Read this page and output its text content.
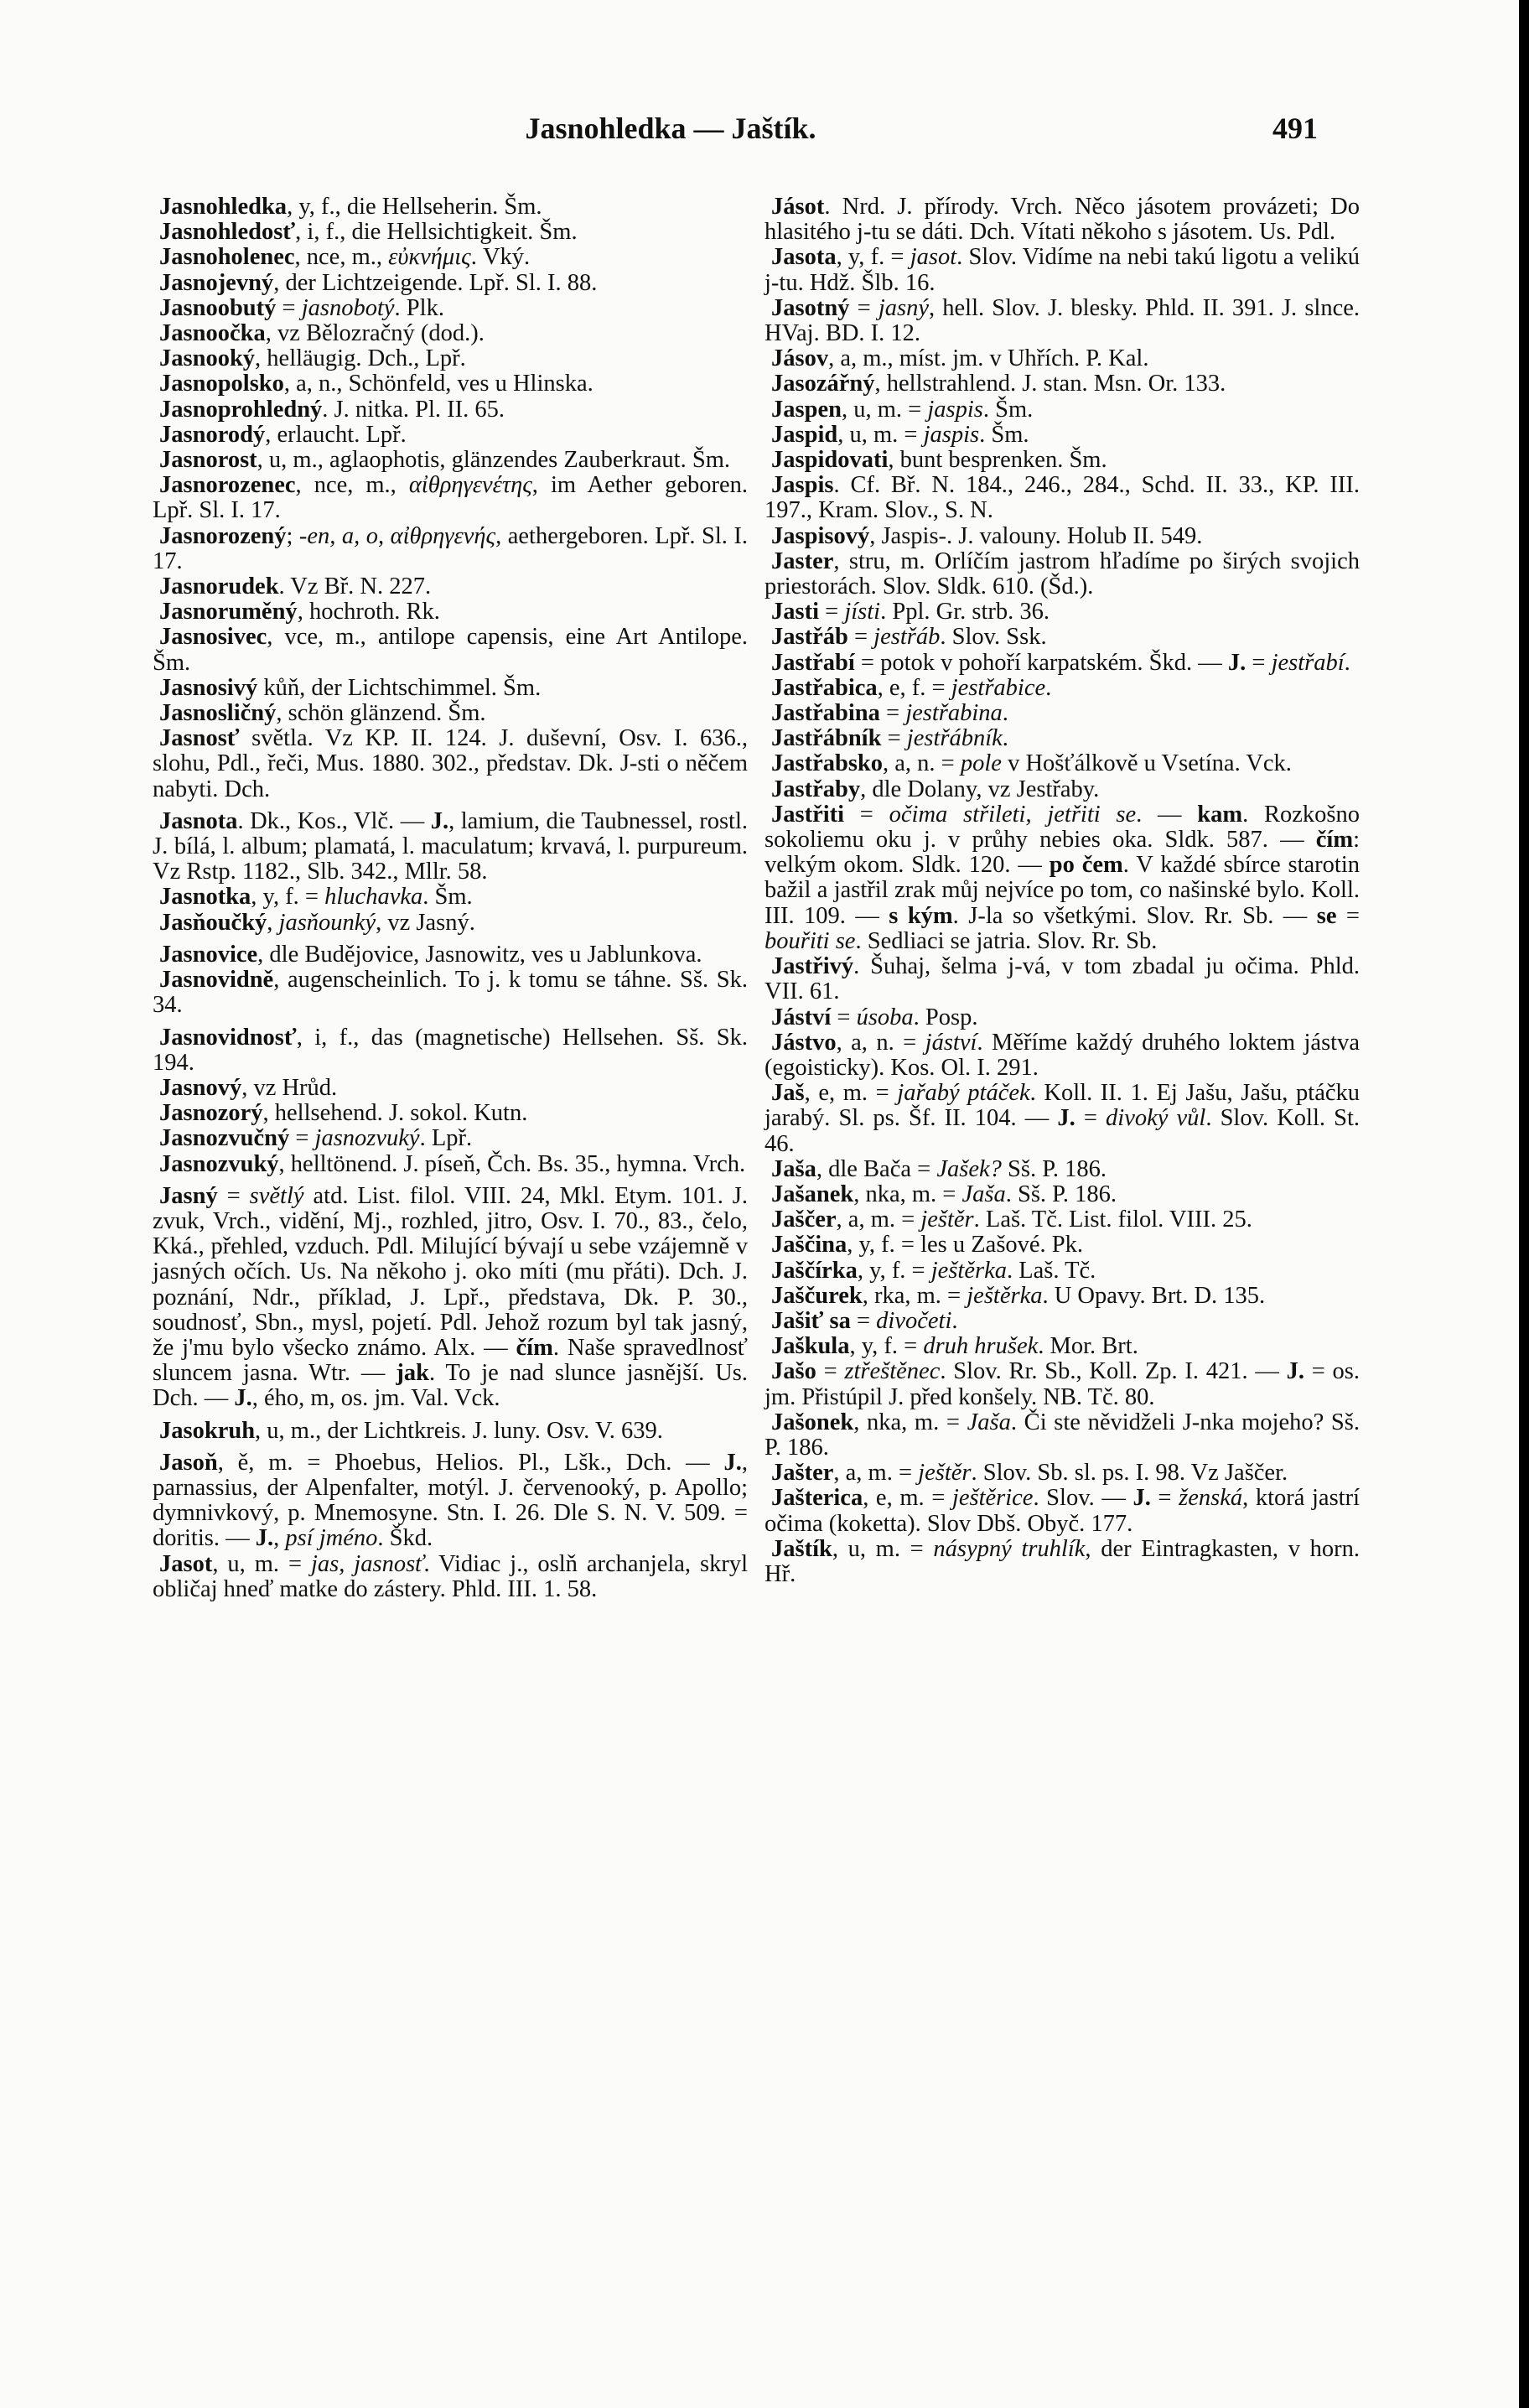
Jasnohledka — Jaštík.	491

Jasnohledka, y, f., die Hellseherin. Šm.

Jasnohledosť, i, f., die Hellsichtigkeit. Šm.

Jasnoholenec, nce, m., εὐκνήμις. Vký.

Jasnojevný, der Lichtzeigende. Lpř. Sl. I. 88.

Jasnoobutý = jasnobotý. Plk.

Jasnoočka, vz Bělozračný (dod.).

Jasnooký, helläugig. Dch., Lpř.

Jasnopolsko, a, n., Schönfeld, ves u Hlinska.

Jasnoprohledný. J. nitka. Pl. II. 65.

Jasnorodý, erlaucht. Lpř.

Jasnorost, u, m., aglaophotis, glänzendes Zauberkraut. Šm.

Jasnorozenec, nce, m., αἰθρηγενέτης, im Aether geboren. Lpř. Sl. I. 17.

Jasnorozený; -en, a, o, αἰθρηγενής, aethergeboren. Lpř. Sl. I. 17.

Jasnorudek. Vz Bř. N. 227.

Jasnoruměný, hochroth. Rk.

Jasnosivec, vce, m., antilope capensis, eine Art Antilope. Šm.

Jasnosivý kůň, der Lichtschimmel. Šm.

Jasnosličný, schön glänzend. Šm.

Jasnosť světla. Vz KP. II. 124. J. duševní, Osv. I. 636., slohu, Pdl., řeči, Mus. 1880. 302., představ. Dk. J-sti o něčem nabyti. Dch.

Jasnota. Dk., Kos., Vlč. — J., lamium, die Taubnessel, rostl. J. bílá, l. album; plamatá, l. maculatum; krvavá, l. purpureum. Vz Rstp. 1182., Slb. 342., Mllr. 58.

Jasnotka, y, f. = hluchavka. Šm.

Jasňoučký, jasňounký, vz Jasný.

Jasnovice, dle Budějovice, Jasnowitz, ves u Jablunkova.

Jasnovidně, augenscheinlich. To j. k tomu se táhne. Sš. Sk. 34.

Jasnovidnosť, i, f., das (magnetische) Hellsehen. Sš. Sk. 194.

Jasnový, vz Hrůd.

Jasnozorý, hellsehend. J. sokol. Kutn.

Jasnozvučný = jasnozvuký. Lpř.

Jasnozvuký, helltönend. J. píseň, Čch. Bs. 35., hymna. Vrch.

Jasný = světlý atd. List. filol. VIII. 24, Mkl. Etym. 101. J. zvuk, Vrch., vidění, Mj., rozhled, jitro, Osv. I. 70., 83., čelo, Kká., přehled, vzduch. Pdl. Milující bývají u sebe vzájemně v jasných očích. Us. Na někoho j. oko míti (mu přáti). Dch. J. poznání, Ndr., příklad, J. Lpř., představa, Dk. P. 30., soudnosť, Sbn., mysl, pojetí. Pdl. Jehož rozum byl tak jasný, že j'mu bylo všecko známo. Alx. — čím. Naše spravedlnosť sluncem jasna. Wtr. — jak. To je nad slunce jasnější. Us. Dch. — J., ého, m, os. jm. Val. Vck.

Jasokruh, u, m., der Lichtkreis. J. luny. Osv. V. 639.

Jasoň, ě, m. = Phoebus, Helios. Pl., Lšk., Dch. — J., parnassius, der Alpenfalter, motýl. J. červenooký, p. Apollo; dymnivkový, p. Mnemosyne. Stn. I. 26. Dle S. N. V. 509. = doritis. — J., psí jméno. Škd.

Jasot, u, m. = jas, jasnosť. Vidiac j., oslň archanjela, skryl obličaj hneď matke do zástery. Phld. III. 1. 58.

Jásot. Nrd. J. přírody. Vrch. Něco jásotem provázeti; Do hlasitého j-tu se dáti. Dch. Vítati někoho s jásotem. Us. Pdl.

Jasota, y, f. = jasot. Slov. Vidíme na nebi takú ligotu a velikú j-tu. Hdž. Šlb. 16.

Jasotný = jasný, hell. Slov. J. blesky. Phld. II. 391. J. slnce. HVaj. BD. I. 12.

Jásov, a, m., míst. jm. v Uhřích. P. Kal.

Jasozářný, hellstrahlend. J. stan. Msn. Or. 133.

Jaspen, u, m. = jaspis. Šm.

Jaspid, u, m. = jaspis. Šm.

Jaspidovati, bunt besprenken. Šm.

Jaspis. Cf. Bř. N. 184., 246., 284., Schd. II. 33., KP. III. 197., Kram. Slov., S. N.

Jaspisový, Jaspis-. J. valouny. Holub II. 549.

Jaster, stru, m. Orlíčím jastrom hľadíme po širých svojich priestorách. Slov. Sldk. 610. (Šd.).

Jasti = jísti. Ppl. Gr. strb. 36.

Jastřáb = jestřáb. Slov. Ssk.

Jastřabí = potok v pohoří karpatském. Škd. — J. = jestřabí.

Jastřabica, e, f. = jestřabice.

Jastřabina = jestřabina.

Jastřábník = jestřábník.

Jastřabsko, a, n. = pole v Hošťálkově u Vsetína. Vck.

Jastřaby, dle Dolany, vz Jestřaby.

Jastřiti = očima střileti, jetřiti se. — kam. Rozkošno sokoliemu oku j. v průhy nebies oka. Sldk. 587. — čím: velkým okom. Sldk. 120. — po čem. V každé sbírce starotin bažil a jastřil zrak můj nejvíce po tom, co našinské bylo. Koll. III. 109. — s kým. J-la so všetkými. Slov. Rr. Sb. — se = bouřiti se. Sedliaci se jatria. Slov. Rr. Sb.

Jastřivý. Šuhaj, šelma j-vá, v tom zbadal ju očima. Phld. VII. 61.

Jáství = úsoba. Posp.

Jástvo, a, n. = jáství. Měříme každý druhého loktem jástva (egoisticky). Kos. Ol. I. 291.

Jaš, e, m. = jařabý ptáček. Koll. II. 1. Ej Jašu, Jašu, ptáčku jarabý. Sl. ps. Šf. II. 104. — J. = divoký vůl. Slov. Koll. St. 46.

Jaša, dle Bača = Jašek? Sš. P. 186.

Jašanek, nka, m. = Jaša. Sš. P. 186.

Jaščer, a, m. = ještěr. Laš. Tč. List. filol. VIII. 25.

Jaščina, y, f. = les u Zašové. Pk.

Jaščírka, y, f. = ještěrka. Laš. Tč.

Jaščurek, rka, m. = ještěrka. U Opavy. Brt. D. 135.

Jašiť sa = divočeti.

Jaškula, y, f. = druh hrušek. Mor. Brt.

Jašo = ztřeštěnec. Slov. Rr. Sb., Koll. Zp. I. 421. — J. = os. jm. Přistúpil J. před konšely. NB. Tč. 80.

Jašonek, nka, m. = Jaša. Či ste něvidželi J-nka mojeho? Sš. P. 186.

Jašter, a, m. = ještěr. Slov. Sb. sl. ps. I. 98. Vz Jaščer.

Jašterica, e, m. = ještěrice. Slov. — J. = ženská, ktorá jastrí očima (koketta). Slov Dbš. Obyč. 177.

Jaštík, u, m. = násypný truhlík, der Eintragkasten, v horn. Hř.
